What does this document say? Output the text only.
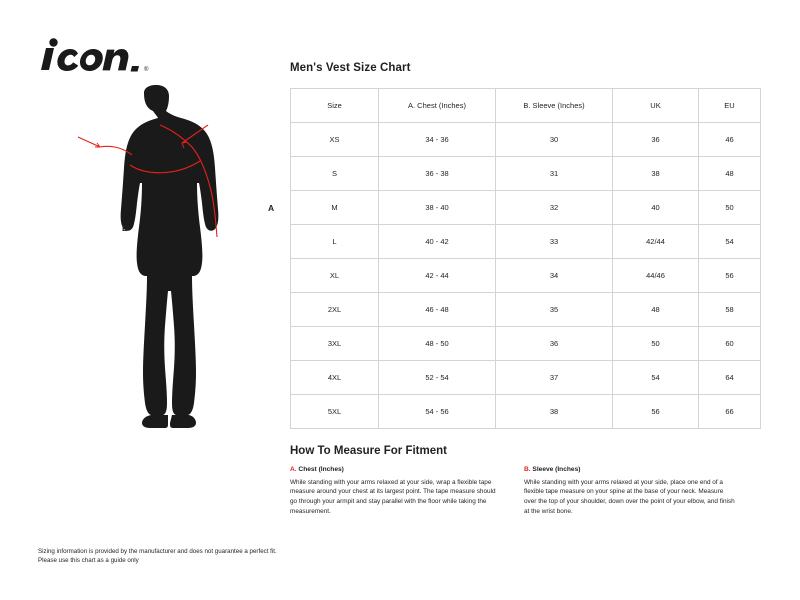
®
A
B
Men's Vest Size Chart
Size	A. Chest (Inches)	B. Sleeve (Inches)	UK	EU
XS	34 - 36	30	36	46
S	36 - 38	31	38	48
M	38 - 40	32	40	50
L	40 - 42	33	42/44	54
XL	42 - 44	34	44/46	56
2XL	46 - 48	35	48	58
3XL	48 - 50	36	50	60
4XL	52 - 54	37	54	64
5XL	54 - 56	38	56	66
How To Measure For Fitment
A. Chest (Inches)
While standing with your arms relaxed at your side, wrap a flexible tape measure around your chest at its largest point. The tape measure should go through your armpit and stay parallel with the floor while taking the measurement.
B. Sleeve (Inches)
While standing with your arms relaxed at your side, place one end of a flexible tape measure on your spine at the base of your neck. Measure over the top of your shoulder, down over the point of your elbow, and finish at the wrist bone.
Sizing information is provided by the manufacturer and does not guarantee a perfect fit.
Please use this chart as a guide only
